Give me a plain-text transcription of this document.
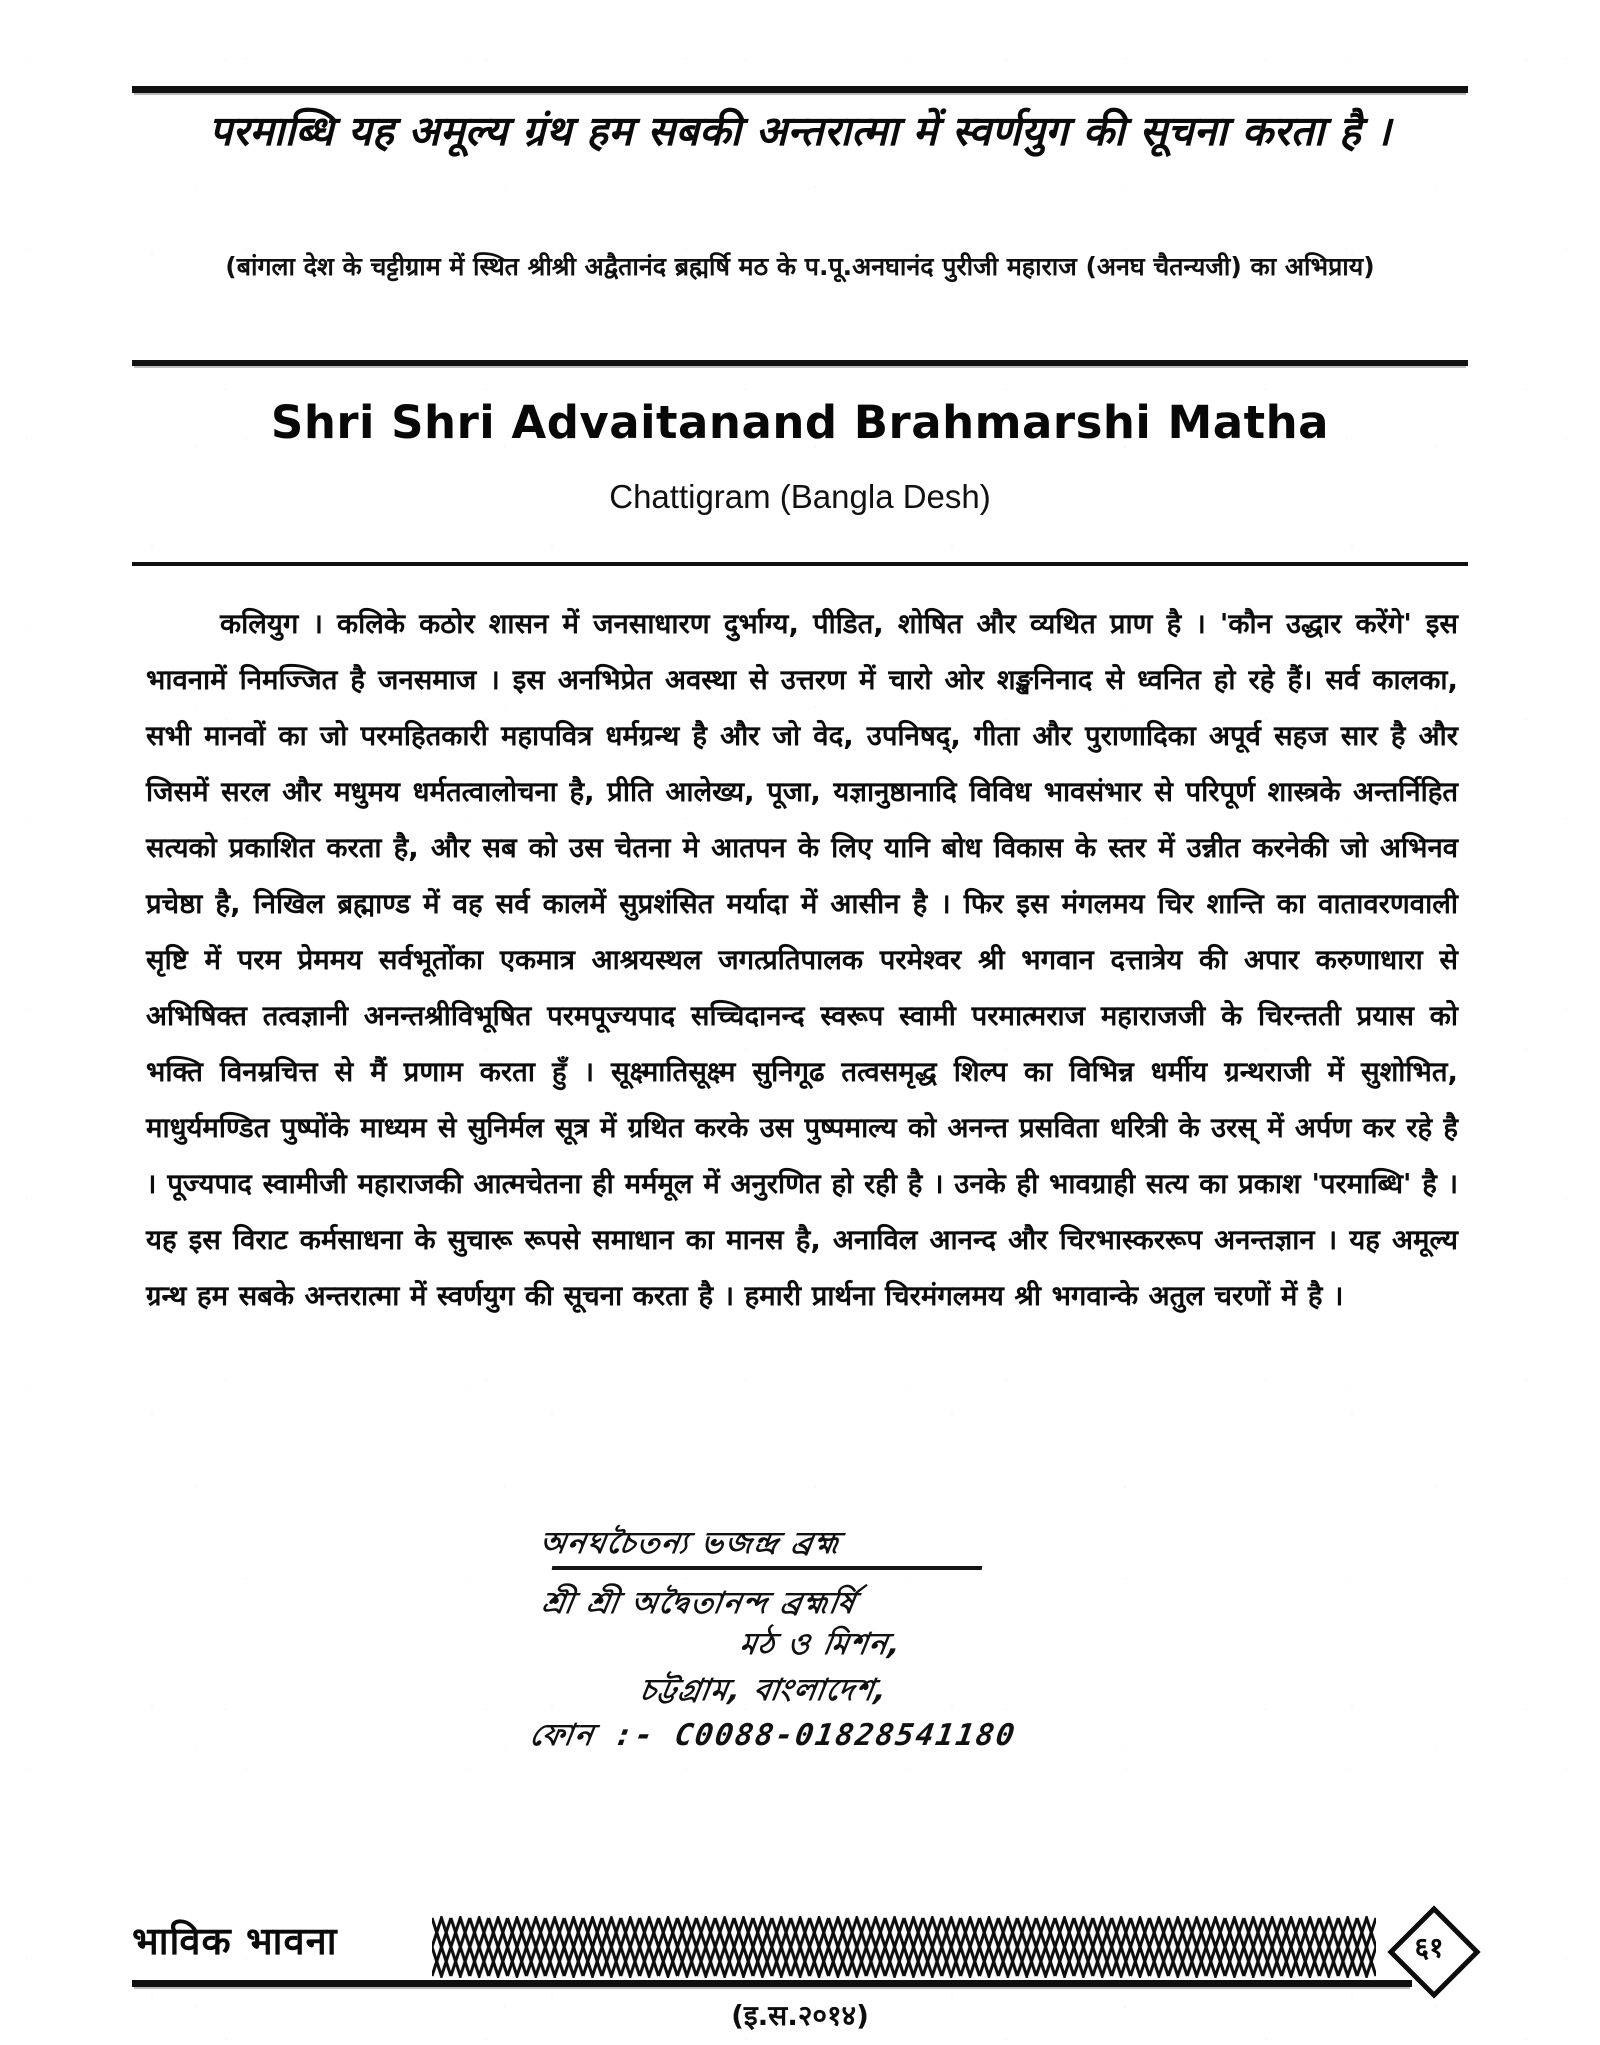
परमाब्धि यह अमूल्य ग्रंथ हम सबकी अन्तरात्मा में स्वर्णयुग की सूचना करता है ।
(बांगला देश के चट्टीग्राम में स्थित श्रीश्री अद्वैतानंद ब्रह्मर्षि मठ के प.पू.अनघानंद पुरीजी महाराज (अनघ चैतन्यजी) का अभिप्राय)
Shri Shri Advaitanand Brahmarshi Matha
Chattigram (Bangla Desh)
कलियुग । कलिके कठोर शासन में जनसाधारण दुर्भाग्य, पीडित, शोषित और व्यथित प्राण है । 'कौन उद्धार करेंगे' इस भावनामें निमज्जित है जनसमाज । इस अनभिप्रेत अवस्था से उत्तरण में चारो ओर शङ्खनिनाद से ध्वनित हो रहे हैं। सर्व कालका, सभी मानवों का जो परमहितकारी महापवित्र धर्मग्रन्थ है और जो वेद, उपनिषद्, गीता और पुराणादिका अपूर्व सहज सार है और जिसमें सरल और मधुमय धर्मतत्वालोचना है, प्रीति आलेख्य, पूजा, यज्ञानुष्ठानादि विविध भावसंभार से परिपूर्ण शास्त्रके अन्तर्निहित सत्यको प्रकाशित करता है, और सब को उस चेतना मे आतपन के लिए यानि बोध विकास के स्तर में उन्नीत करनेकी जो अभिनव प्रचेष्ठा है, निखिल ब्रह्माण्ड में वह सर्व कालमें सुप्रशंसित मर्यादा में आसीन है । फिर इस मंगलमय चिर शान्ति का वातावरणवाली सृष्टि में परम प्रेममय सर्वभूतोंका एकमात्र आश्रयस्थल जगत्प्रतिपालक परमेश्वर श्री भगवान दत्तात्रेय की अपार करुणाधारा से अभिषिक्त तत्वज्ञानी अनन्तश्रीविभूषित परमपूज्यपाद सच्चिदानन्द स्वरूप स्वामी परमात्मराज महाराजजी के चिरन्तती प्रयास को भक्ति विनम्रचित्त से मैं प्रणाम करता हुँ । सूक्ष्मातिसूक्ष्म सुनिगूढ तत्वसमृद्ध शिल्प का विभिन्न धर्मीय ग्रन्थराजी में सुशोभित, माधुर्यमण्डित पुष्पोंके माध्यम से सुनिर्मल सूत्र में ग्रथित करके उस पुष्पमाल्य को अनन्त प्रसविता धरित्री के उरस् में अर्पण कर रहे है । पूज्यपाद स्वामीजी महाराजकी आत्मचेतना ही मर्ममूल में अनुरणित हो रही है । उनके ही भावग्राही सत्य का प्रकाश 'परमाब्धि' है । यह इस विराट कर्मसाधना के सुचारू रूपसे समाधान का मानस है, अनाविल आनन्द और चिरभास्क‍ररूप अनन्तज्ञान । यह अमूल्य ग्रन्थ हम सबके अन्तरात्मा में स्वर्णयुग की सूचना करता है । हमारी प्रार्थना चिरमंगलमय श्री भगवान्के अतुल चरणों में है ।
অনঘচৈতন্য ভজন্দ্ৰ ব্ৰহ্ম
শ্ৰী শ্ৰী অদ্বৈতানন্দ ব্ৰহ্মৰ্ষি
মঠ ও মিশন,
চট্টগ্ৰাম, বাংলাদেশ,
ফোন :- C0088-01828541180
भाविक भावना	६१
(इ.स.२०१४)
